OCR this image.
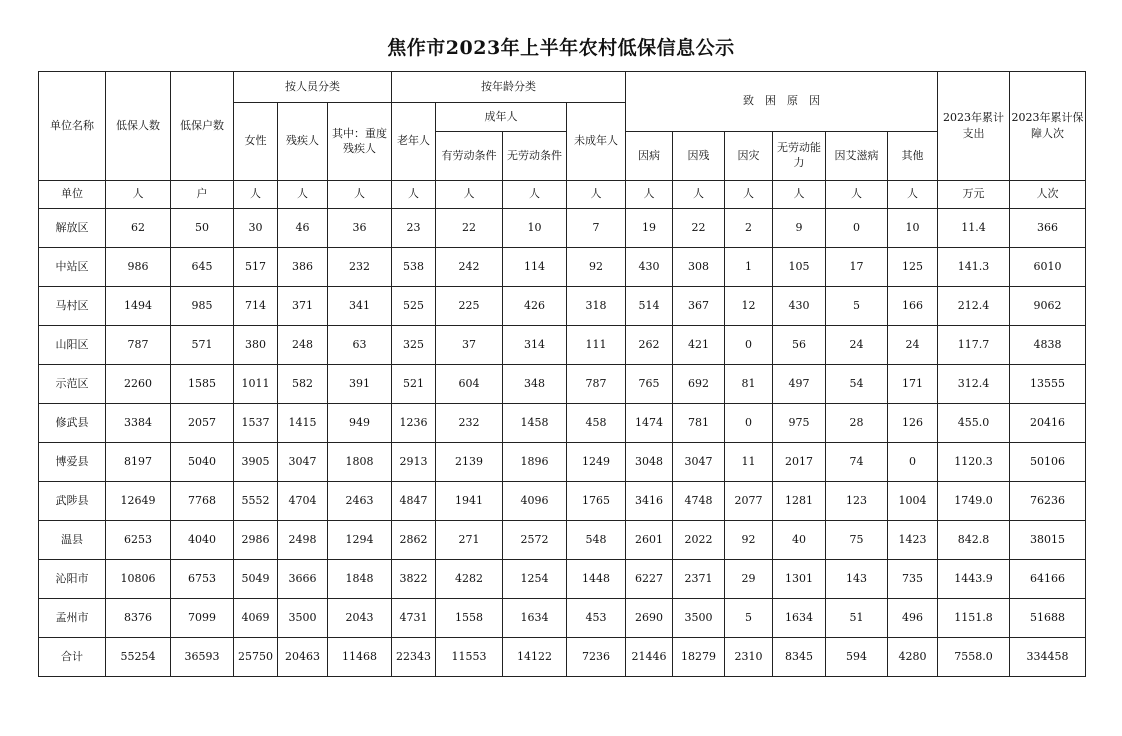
焦作市2023年上半年农村低保信息公示
单位名称	低保人数	低保户数	按人员分类			按年龄分类				致　困　原　因						2023年累计支出	2023年累计保障人次

			女性	残疾人	其中：重度残疾人	老年人	成年人		未成年人								
							有劳动条件	无劳动条件		因病	因残	因灾	无劳动能力	因艾滋病	其他		
单位	人	户	人	人	人	人	人	人	人	人	人	人	人	人	人	万元	人次
解放区	62	50	30	46	36	23	22	10	7	19	22	2	9	0	10	11.4	366
中站区	986	645	517	386	232	538	242	114	92	430	308	1	105	17	125	141.3	6010
马村区	1494	985	714	371	341	525	225	426	318	514	367	12	430	5	166	212.4	9062
山阳区	787	571	380	248	63	325	37	314	111	262	421	0	56	24	24	117.7	4838
示范区	2260	1585	1011	582	391	521	604	348	787	765	692	81	497	54	171	312.4	13555
修武县	3384	2057	1537	1415	949	1236	232	1458	458	1474	781	0	975	28	126	455.0	20416
博爱县	8197	5040	3905	3047	1808	2913	2139	1896	1249	3048	3047	11	2017	74	0	1120.3	50106
武陟县	12649	7768	5552	4704	2463	4847	1941	4096	1765	3416	4748	2077	1281	123	1004	1749.0	76236
温县	6253	4040	2986	2498	1294	2862	271	2572	548	2601	2022	92	40	75	1423	842.8	38015
沁阳市	10806	6753	5049	3666	1848	3822	4282	1254	1448	6227	2371	29	1301	143	735	1443.9	64166
孟州市	8376	7099	4069	3500	2043	4731	1558	1634	453	2690	3500	5	1634	51	496	1151.8	51688
合计	55254	36593	25750	20463	11468	22343	11553	14122	7236	21446	18279	2310	8345	594	4280	7558.0	334458
